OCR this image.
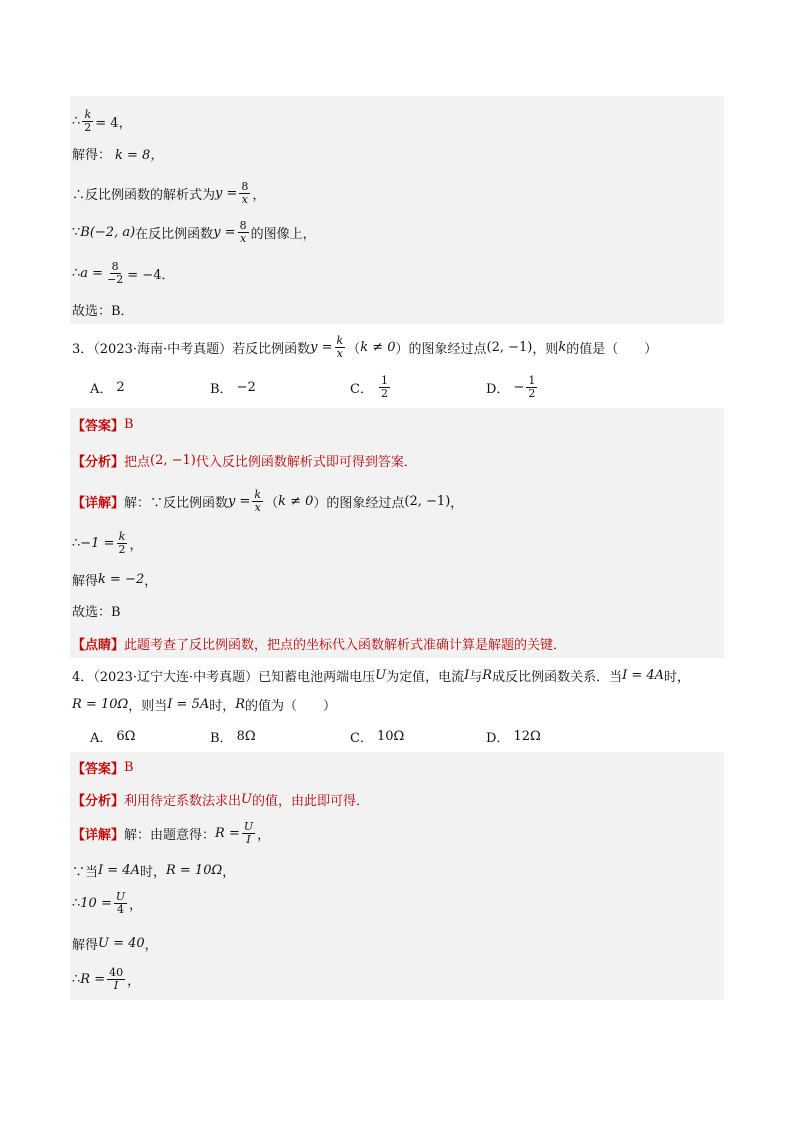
∴ $\frac{k}{2} = 4$，
解得： k = 8，
∴反比例函数的解析式为 $y = \frac{8}{x}$ ，
∵ B(−2, a) 在反比例函数 $y = \frac{8}{x}$ 的图像上，
∴ $a = \frac{8}{-2} = -4$．
故选：B．
3．（2023·海南·中考真题）若反比例函数 $y = \frac{k}{x}$ （ k ≠ 0 ）的图象经过点 (2, −1) ，则 k 的值是（　　）
A． 2	B． −2	C． $\frac{1}{2}$	D． − $\frac{1}{2}$
【答案】 B
【分析】 把点 (2, −1) 代入反比例函数解析式即可得到答案．
【详解】 解：∵反比例函数 $y = \frac{k}{x}$ （ k ≠ 0 ）的图象经过点 (2, −1) ，
∴ $-1 = \frac{k}{2}$ ，
解得 k = −2 ，
故选：B
【点睛】 此题考查了反比例函数，把点的坐标代入函数解析式准确计算是解题的关键．
4．（2023·辽宁大连·中考真题）已知蓄电池两端电压 U 为定值，电流 I 与 R 成反比例函数关系．当 I = 4A 时，
R = 10Ω ，则当 I = 5A 时， R 的值为（　　）
A． 6Ω	B． 8Ω	C． 10Ω	D． 12Ω
【答案】 B
【分析】 利用待定系数法求出 U 的值，由此即可得．
【详解】 解：由题意得： $R = \frac{U}{I}$ ，
∵当 I = 4A 时， R = 10Ω ，
∴ $10 = \frac{U}{4}$ ，
解得 U = 40 ，
∴ $R = \frac{40}{I}$ ，
